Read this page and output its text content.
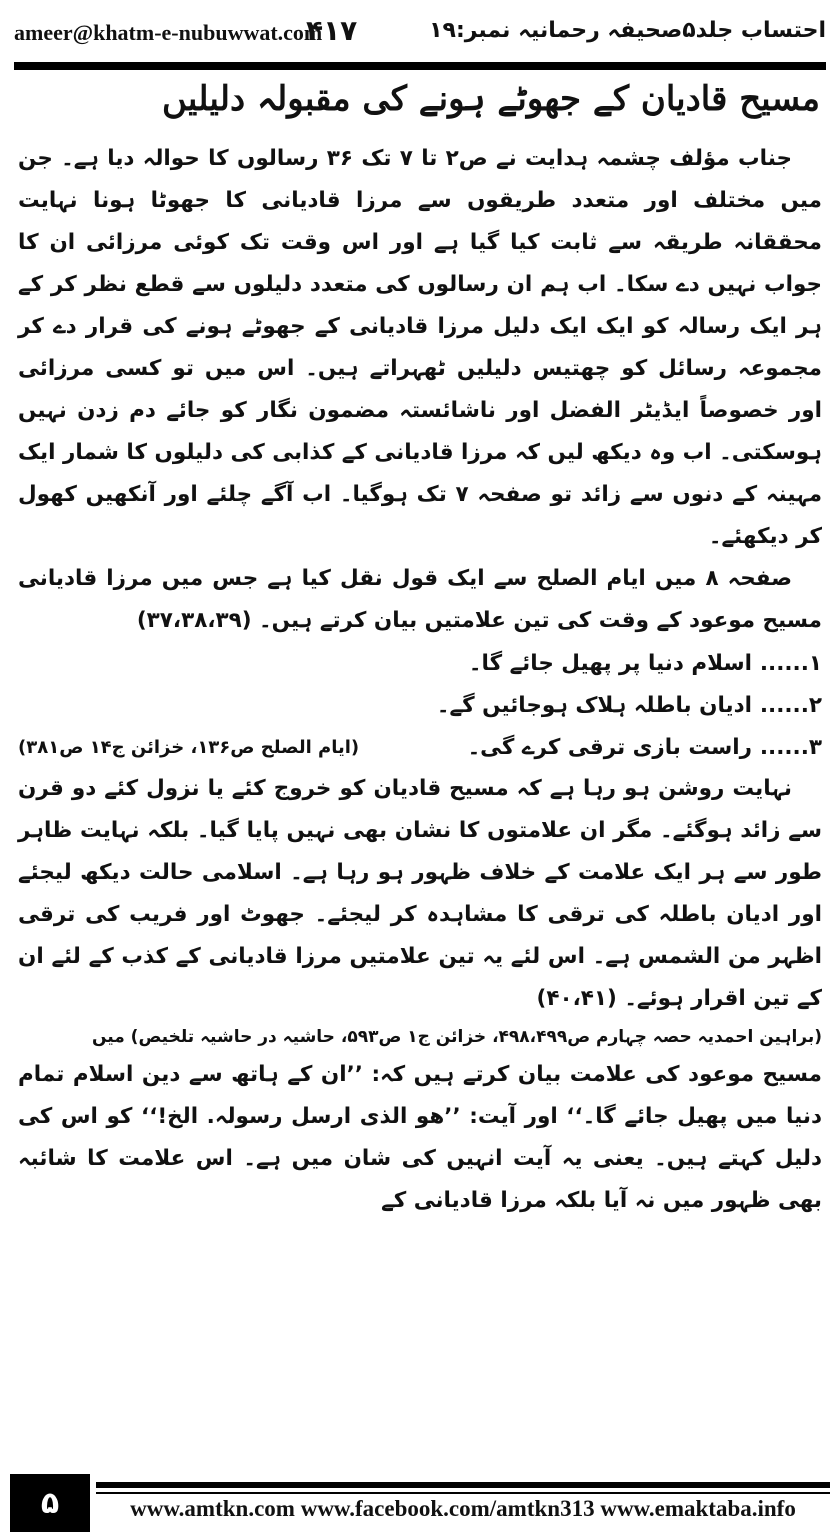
ameer@khatm-e-nubuwwat.com
۴۱۷	احتساب جلد۵صحیفہ رحمانیہ نمبر:۱۹
مسیح قادیان کے جھوٹے ہونے کی مقبولہ دلیلیں

جناب مؤلف چشمہ ہدایت نے ص۲ تا ۷ تک ۳۶ رسالوں کا حوالہ دیا ہے۔ جن میں مختلف اور متعدد طریقوں سے مرزا قادیانی کا جھوٹا ہونا نہایت محققانہ طریقہ سے ثابت کیا گیا ہے اور اس وقت تک کوئی مرزائی ان کا جواب نہیں دے سکا۔ اب ہم ان رسالوں کی متعدد دلیلوں سے قطع نظر کر کے ہر ایک رسالہ کو ایک ایک دلیل مرزا قادیانی کے جھوٹے ہونے کی قرار دے کر مجموعہ رسائل کو چھتیس دلیلیں ٹھہراتے ہیں۔ اس میں تو کسی مرزائی اور خصوصاً ایڈیٹر الفضل اور ناشائستہ مضمون نگار کو جائے دم زدن نہیں ہوسکتی۔ اب وہ دیکھ لیں کہ مرزا قادیانی کے کذابی کی دلیلوں کا شمار ایک مہینہ کے دنوں سے زائد تو صفحہ ۷ تک ہوگیا۔ اب آگے چلئے اور آنکھیں کھول کر دیکھئے۔

صفحہ ۸ میں ایام الصلح سے ایک قول نقل کیا ہے جس میں مرزا قادیانی مسیح موعود کے وقت کی تین علامتیں بیان کرتے ہیں۔ (۳۷،۳۸،۳۹)

۱......
اسلام دنیا پر پھیل جائے گا۔
۲......
ادیان باطلہ ہلاک ہوجائیں گے۔
۳......
راست بازی ترقی کرے گی۔
(ایام الصلح ص۱۳۶، خزائن ج۱۴ ص۳۸۱)

نہایت روشن ہو رہا ہے کہ مسیح قادیان کو خروج کئے یا نزول کئے دو قرن سے زائد ہوگئے۔ مگر ان علامتوں کا نشان بھی نہیں پایا گیا۔ بلکہ نہایت ظاہر طور سے ہر ایک علامت کے خلاف ظہور ہو رہا ہے۔ اسلامی حالت دیکھ لیجئے اور ادیان باطلہ کی ترقی کا مشاہدہ کر لیجئے۔ جھوٹ اور فریب کی ترقی اظہر من الشمس ہے۔ اس لئے یہ تین علامتیں مرزا قادیانی کے کذب کے لئے ان کے تین اقرار ہوئے۔ (۴۰،۴۱)

(براہین احمدیہ حصہ چہارم ص۴۹۸،۴۹۹، خزائن ج۱ ص۵۹۳، حاشیہ در حاشیہ تلخیص) میں

مسیح موعود کی علامت بیان کرتے ہیں کہ: ’’ان کے ہاتھ سے دین اسلام تمام دنیا میں پھیل جائے گا۔‘‘ اور آیت: ’’ھو الذی ارسل رسولہ. الخ!‘‘ کو اس کی دلیل کہتے ہیں۔ یعنی یہ آیت انہیں کی شان میں ہے۔ اس علامت کا شائبہ بھی ظہور میں نہ آیا بلکہ مرزا قادیانی کے

۵	www.amtkn.com www.facebook.com/amtkn313 www.emaktaba.info
